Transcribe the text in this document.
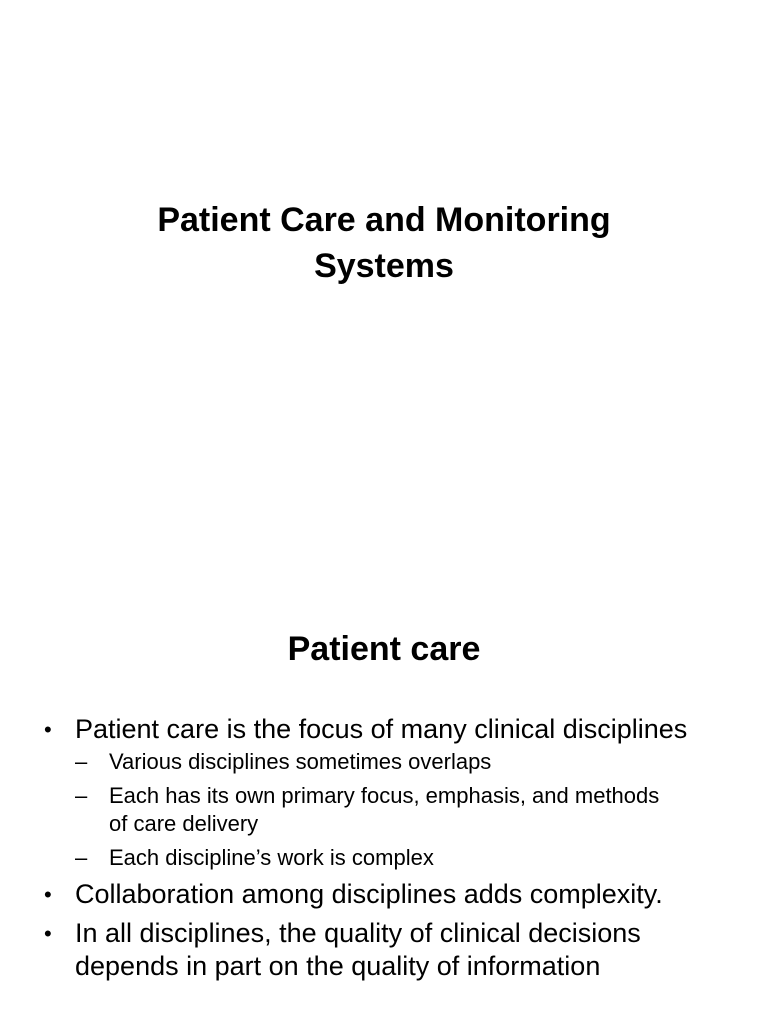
Patient Care and Monitoring
Systems
Patient care
• Patient care is the focus of many clinical disciplines
– Various disciplines sometimes overlaps
– Each has its own primary focus, emphasis, and methods of care delivery
– Each discipline’s work is complex
• Collaboration among disciplines adds complexity.
• In all disciplines, the quality of clinical decisions depends in part on the quality of information
